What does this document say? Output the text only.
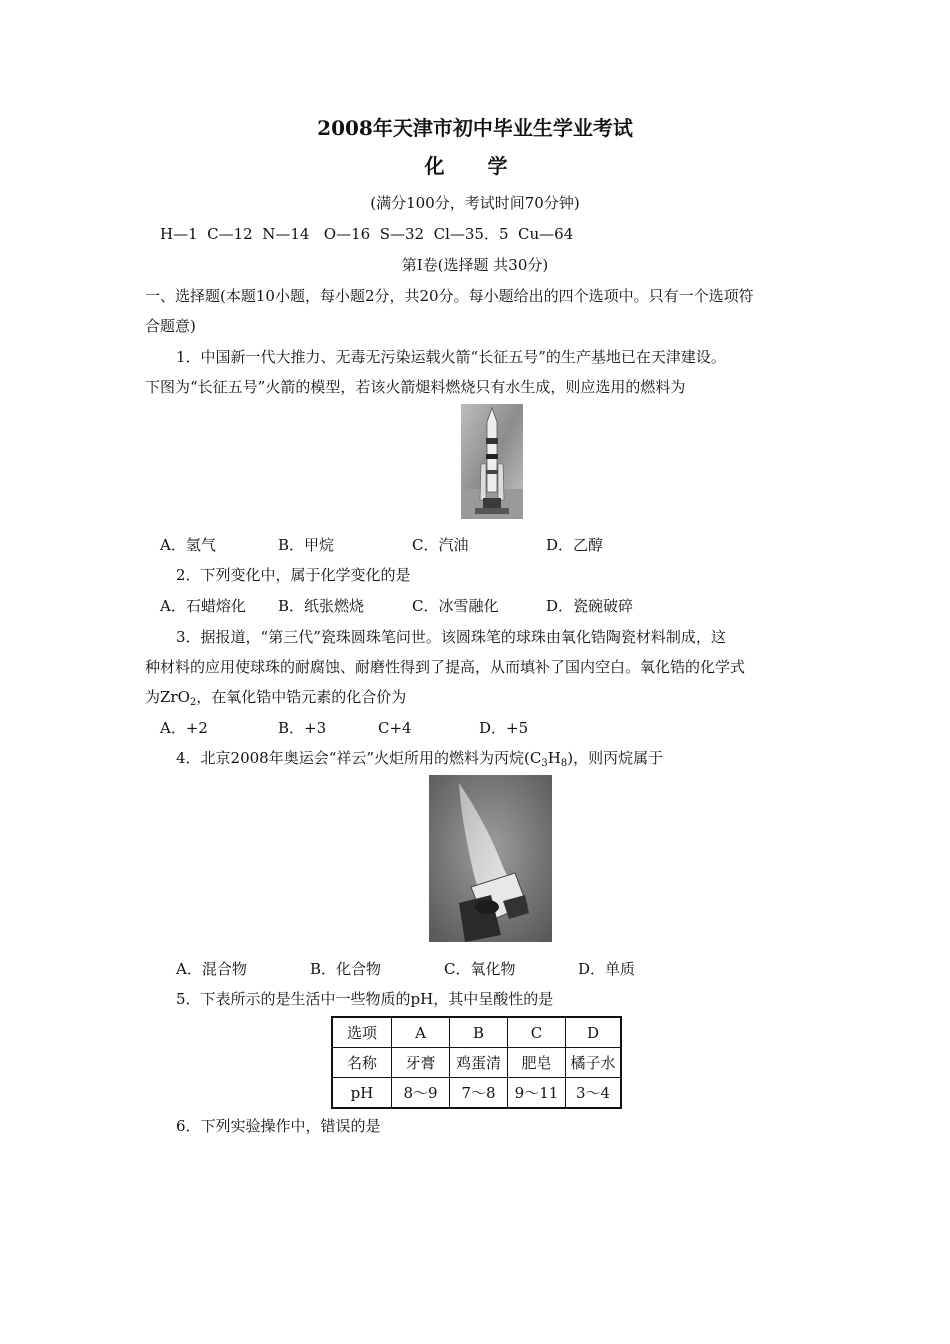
2008年天津市初中毕业生学业考试
化 学
(满分100分，考试时间70分钟)
H—1  C—12  N—14   O—16  S—32  Cl—35．5  Cu—64
第Ⅰ卷(选择题 共30分)
一、选择题(本题10小题，每小题2分，共20分。每小题给出的四个选项中。只有一个选项符
合题意)
1．中国新一代大推力、无毒无污染运载火箭“长征五号”的生产基地已在天津建设。
下图为“长征五号”火箭的模型，若该火箭煺料燃烧只有水生成，则应选用的燃料为
A．氢气	B．甲烷	C．汽油	D．乙醇
2．下列变化中，属于化学变化的是
A．石蜡熔化 B．纸张燃烧	C．冰雪融化	D．瓷碗破碎
3．据报道，“第三代”瓷珠圆珠笔问世。该圆珠笔的球珠由氧化锆陶瓷材料制成，这
种材料的应用使球珠的耐腐蚀、耐磨性得到了提高，从而填补了国内空白。氧化锆的化学式
为ZrO$_2$，在氧化锆中锆元素的化合价为
A．+2	B．+3	C+4	D．+5
4．北京2008年奥运会“祥云”火炬所用的燃料为丙烷$(C_3H_8)$，则丙烷属于
A．混合物	B．化合物	C．氧化物	D．单质
5．下表所示的是生活中一些物质的pH，其中呈酸性的是
选项	A	B	C	D
名称	牙膏	鸡蛋清	肥皂	橘子水
pH	8～9	7～8	9～11	3～4
6．下列实验操作中，错误的是
